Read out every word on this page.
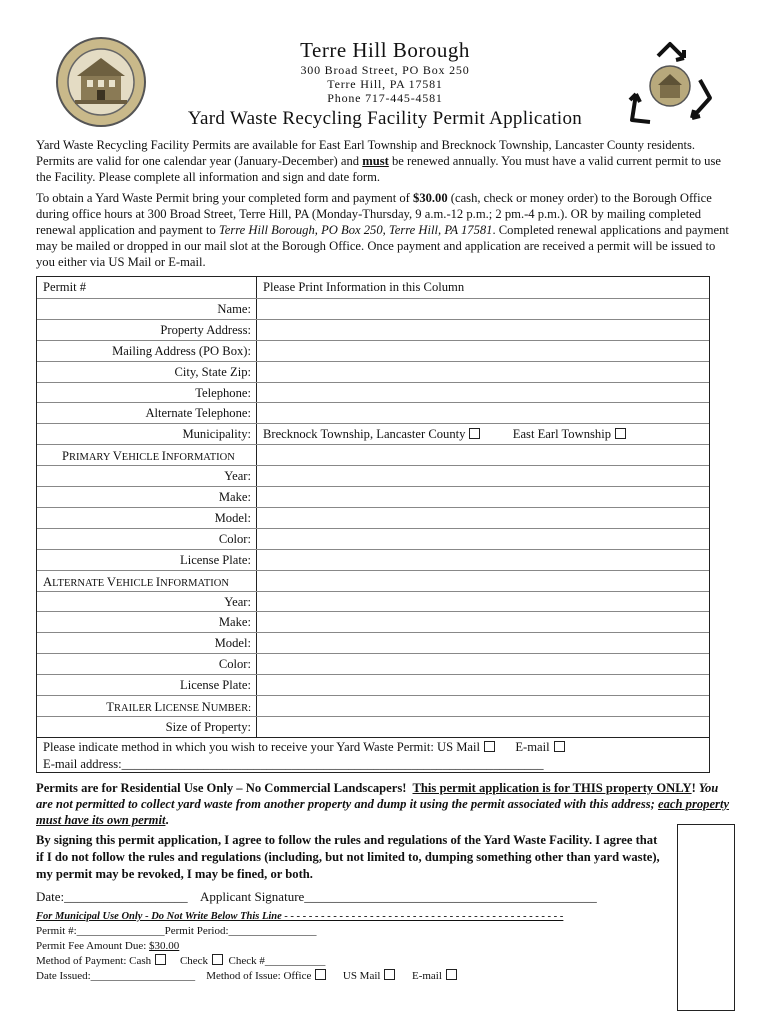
Terre Hill Borough
300 Broad Street, PO Box 250
Terre Hill, PA 17581
Phone 717-445-4581
Yard Waste Recycling Facility Permit Application
Yard Waste Recycling Facility Permits are available for East Earl Township and Brecknock Township, Lancaster County residents. Permits are valid for one calendar year (January-December) and must be renewed annually. You must have a valid current permit to use the Facility. Please complete all information and sign and date form.
To obtain a Yard Waste Permit bring your completed form and payment of $30.00 (cash, check or money order) to the Borough Office during office hours at 300 Broad Street, Terre Hill, PA (Monday-Thursday, 9 a.m.-12 p.m.; 2 pm.-4 p.m.). OR by mailing completed renewal application and payment to Terre Hill Borough, PO Box 250, Terre Hill, PA 17581. Completed renewal applications and payment may be mailed or dropped in our mail slot at the Borough Office. Once payment and application are received a permit will be issued to you either via US Mail or E-mail.
Permit #	Please Print Information in this Column
Name:
Property Address:
Mailing Address (PO Box):
City, State Zip:
Telephone:
Alternate Telephone:
Municipality: Brecknock Township, Lancaster County	East Earl Township
PRIMARY VEHICLE INFORMATION
Year:
Make:
Model:
Color:
License Plate:
ALTERNATE VEHICLE INFORMATION
Year:
Make:
Model:
Color:
License Plate:
TRAILER LICENSE NUMBER:
Size of Property:
Please indicate method in which you wish to receive your Yard Waste Permit: US Mail	E-mail
E-mail address:___________________________________________________________________
Permits are for Residential Use Only – No Commercial Landscapers! This permit application is for THIS property ONLY! You are not permitted to collect yard waste from another property and dump it using the permit associated with this address; each property must have its own permit.
By signing this permit application, I agree to follow the rules and regulations of the Yard Waste Facility. I agree that if I do not follow the rules and regulations (including, but not limited to, dumping something other than yard waste), my permit may be revoked, I may be fined, or both.
Date:___________________ Applicant Signature_____________________________________________
For Municipal Use Only - Do Not Write Below This Line - - - - - - - - - - - - - - - - - - - - - - - - - - - - - - - - - - - - - - - - - - - - - -
Permit #:________________Permit Period:________________
Permit Fee Amount Due: $30.00
Method of Payment: Cash	Check Check #___________
Date Issued:___________________ Method of Issue: Office	US Mail	E-mail
